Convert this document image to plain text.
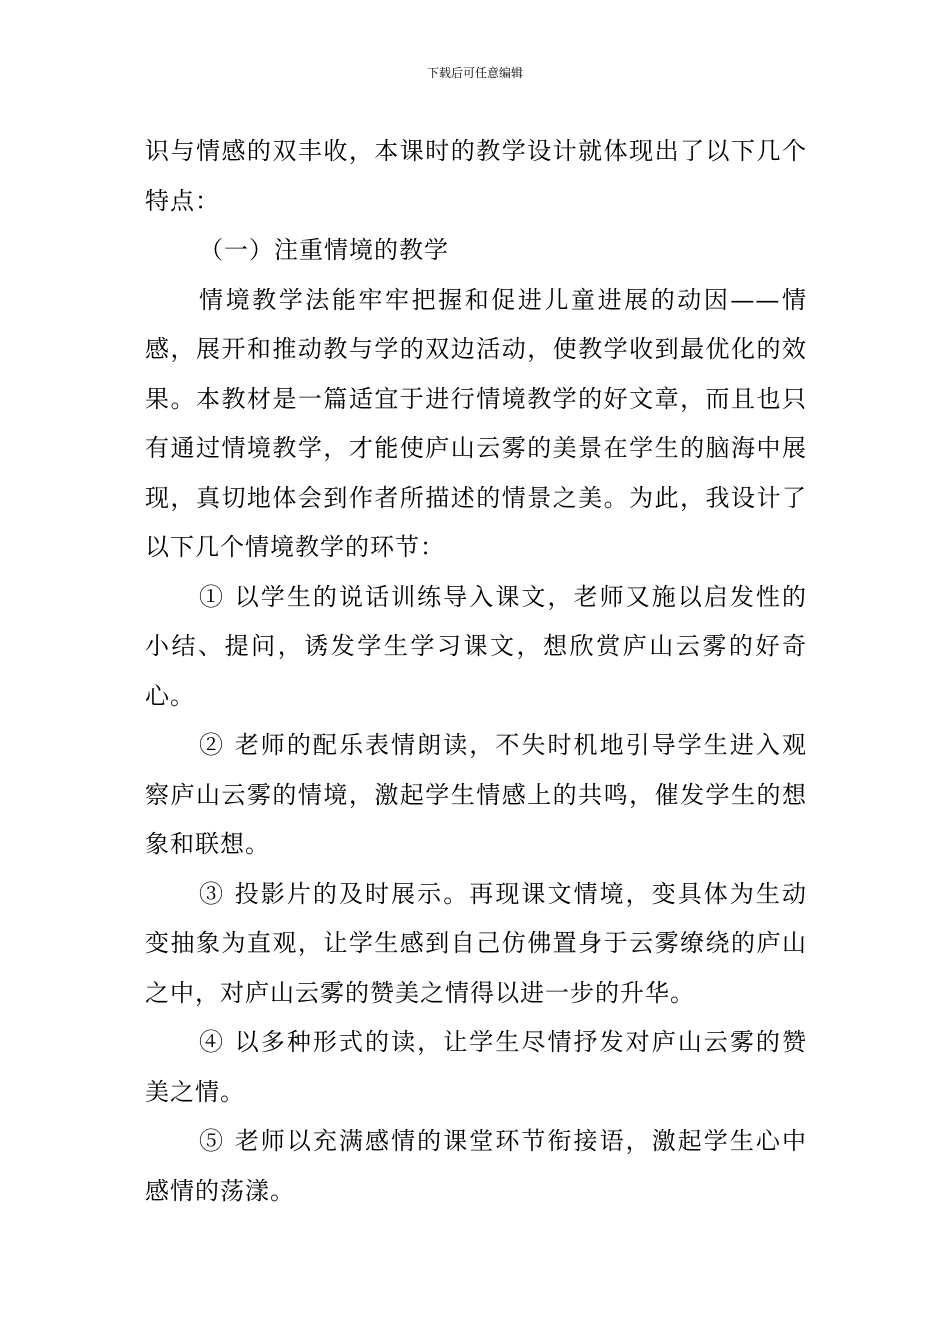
下载后可任意编辑

识与情感的双丰收，本课时的教学设计就体现出了以下几个特点：

（一）注重情境的教学

情境教学法能牢牢把握和促进儿童进展的动因——情感，展开和推动教与学的双边活动，使教学收到最优化的效果。本教材是一篇适宜于进行情境教学的好文章，而且也只有通过情境教学，才能使庐山云雾的美景在学生的脑海中展现，真切地体会到作者所描述的情景之美。为此，我设计了以下几个情境教学的环节：

① 以学生的说话训练导入课文，老师又施以启发性的小结、提问，诱发学生学习课文，想欣赏庐山云雾的好奇心。

② 老师的配乐表情朗读，不失时机地引导学生进入观察庐山云雾的情境，激起学生情感上的共鸣，催发学生的想象和联想。

③ 投影片的及时展示。再现课文情境，变具体为生动变抽象为直观，让学生感到自己仿佛置身于云雾缭绕的庐山之中，对庐山云雾的赞美之情得以进一步的升华。

④ 以多种形式的读，让学生尽情抒发对庐山云雾的赞美之情。

⑤ 老师以充满感情的课堂环节衔接语，激起学生心中感情的荡漾。
